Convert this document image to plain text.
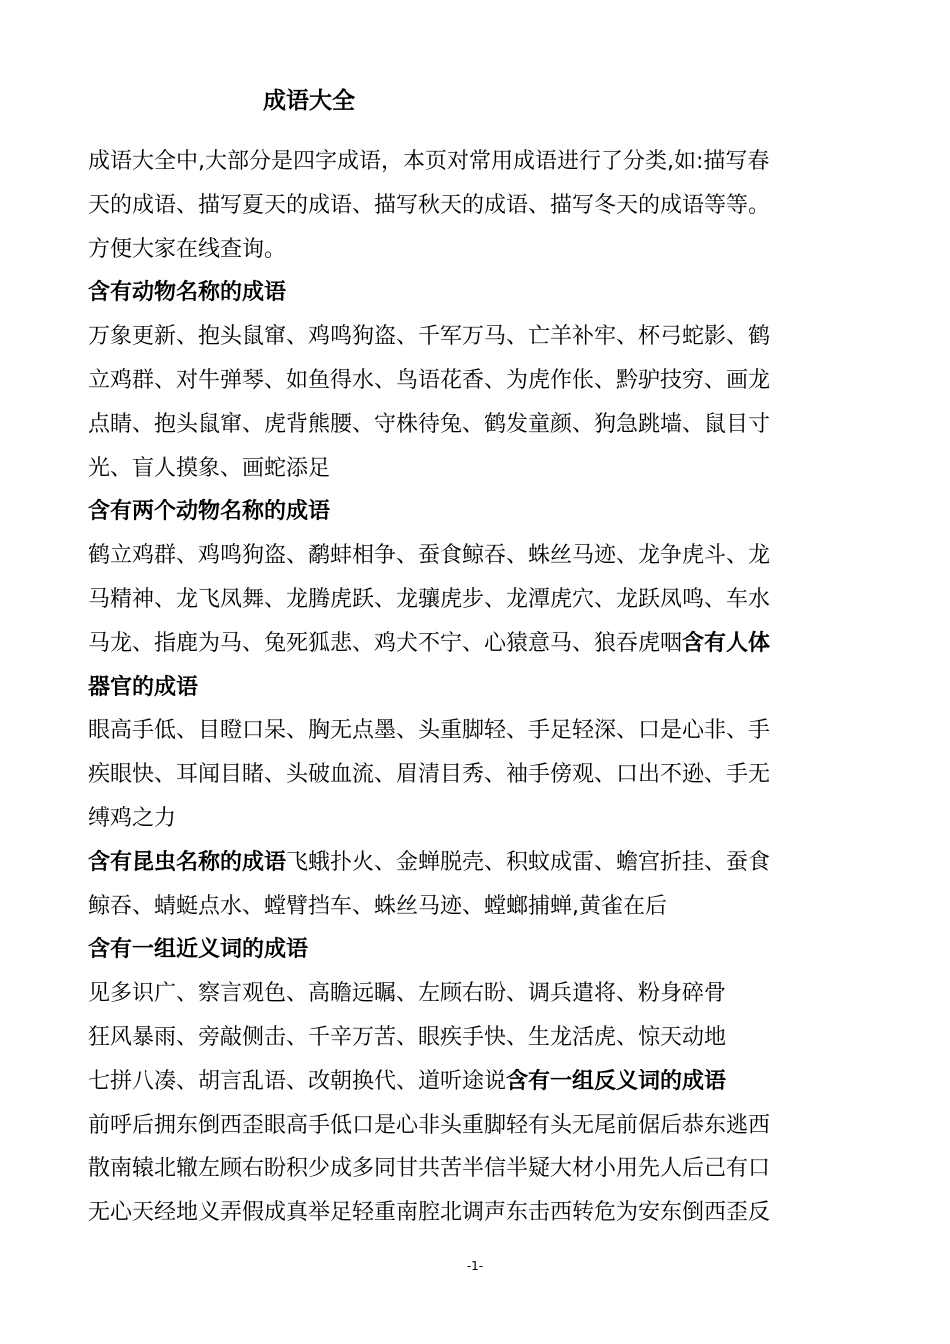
成语大全
成语大全中,大部分是四字成语，本页对常用成语进行了分类,如:描写春
天的成语、描写夏天的成语、描写秋天的成语、描写冬天的成语等等。
方便大家在线查询。
含有动物名称的成语
万象更新、抱头鼠窜、鸡鸣狗盗、千军万马、亡羊补牢、杯弓蛇影、鹤
立鸡群、对牛弹琴、如鱼得水、鸟语花香、为虎作伥、黔驴技穷、画龙
点睛、抱头鼠窜、虎背熊腰、守株待兔、鹤发童颜、狗急跳墙、鼠目寸
光、盲人摸象、画蛇添足
含有两个动物名称的成语
鹤立鸡群、鸡鸣狗盗、鹬蚌相争、蚕食鲸吞、蛛丝马迹、龙争虎斗、龙
马精神、龙飞凤舞、龙腾虎跃、龙骧虎步、龙潭虎穴、龙跃凤鸣、车水
马龙、指鹿为马、兔死狐悲、鸡犬不宁、心猿意马、狼吞虎咽含有人体
器官的成语
眼高手低、目瞪口呆、胸无点墨、头重脚轻、手足轻深、口是心非、手
疾眼快、耳闻目睹、头破血流、眉清目秀、袖手傍观、口出不逊、手无
缚鸡之力
含有昆虫名称的成语飞蛾扑火、金蝉脱壳、积蚊成雷、蟾宫折挂、蚕食
鲸吞、蜻蜓点水、螳臂挡车、蛛丝马迹、螳螂捕蝉,黄雀在后
含有一组近义词的成语
见多识广、察言观色、高瞻远瞩、左顾右盼、调兵遣将、粉身碎骨
狂风暴雨、旁敲侧击、千辛万苦、眼疾手快、生龙活虎、惊天动地
七拼八凑、胡言乱语、改朝换代、道听途说含有一组反义词的成语
前呼后拥东倒西歪眼高手低口是心非头重脚轻有头无尾前倨后恭东逃西
散南辕北辙左顾右盼积少成多同甘共苦半信半疑大材小用先人后己有口
无心天经地义弄假成真举足轻重南腔北调声东击西转危为安东倒西歪反
-1-
